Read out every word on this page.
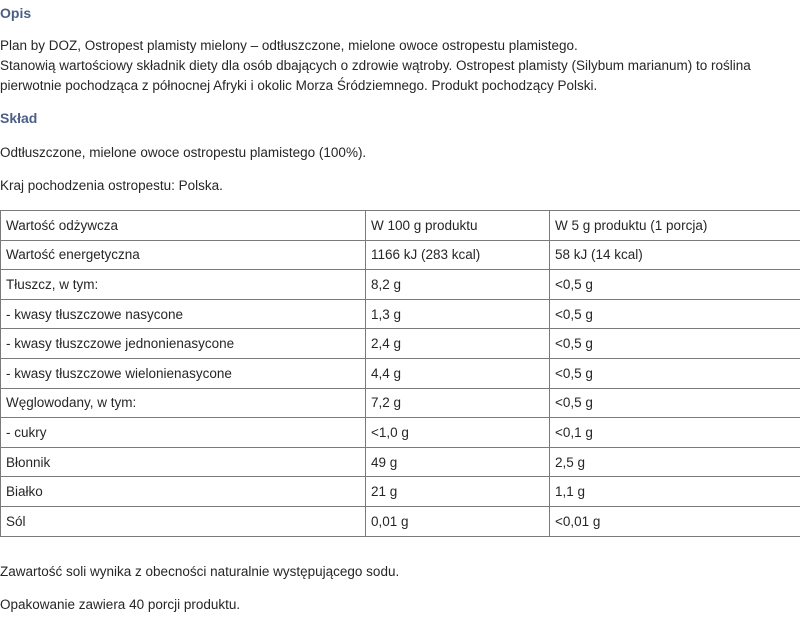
Opis

Plan by DOZ, Ostropest plamisty mielony – odtłuszczone, mielone owoce ostropestu plamistego.
Stanowią wartościowy składnik diety dla osób dbających o zdrowie wątroby. Ostropest plamisty (Silybum marianum) to roślina
pierwotnie pochodząca z północnej Afryki i okolic Morza Śródziemnego. Produkt pochodzący Polski.

Skład

Odtłuszczone, mielone owoce ostropestu plamistego (100%).

Kraj pochodzenia ostropestu: Polska.

Wartość odżywcza	W 100 g produktu	W 5 g produktu (1 porcja)
Wartość energetyczna	1166 kJ (283 kcal)	58 kJ (14 kcal)
Tłuszcz, w tym:	8,2 g	<0,5 g
- kwasy tłuszczowe nasycone	1,3 g	<0,5 g
- kwasy tłuszczowe jednonienasycone	2,4 g	<0,5 g
- kwasy tłuszczowe wielonienasycone	4,4 g	<0,5 g
Węglowodany, w tym:	7,2 g	<0,5 g
- cukry	<1,0 g	<0,1 g
Błonnik	49 g	2,5 g
Białko	21 g	1,1 g
Sól	0,01 g	<0,01 g

Zawartość soli wynika z obecności naturalnie występującego sodu.

Opakowanie zawiera 40 porcji produktu.
